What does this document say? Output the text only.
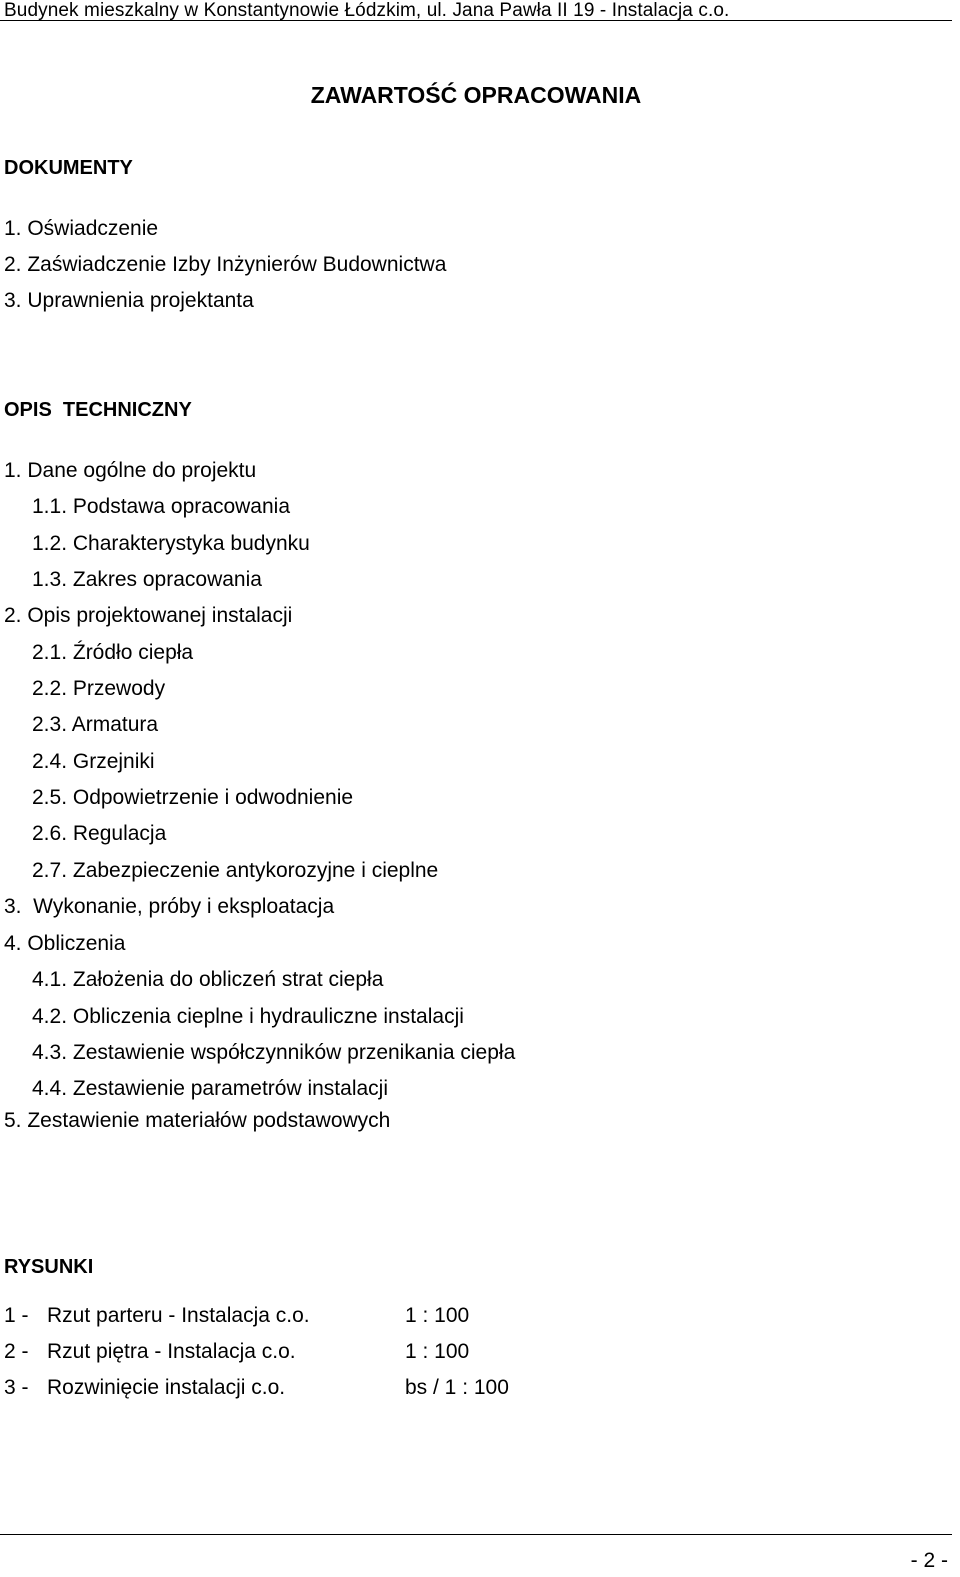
Budynek mieszkalny w Konstantynowie Łódzkim, ul. Jana Pawła II 19 - Instalacja c.o.
ZAWARTOŚĆ OPRACOWANIA
DOKUMENTY
1. Oświadczenie
2. Zaświadczenie Izby Inżynierów Budownictwa
3. Uprawnienia projektanta
OPIS  TECHNICZNY
1. Dane ogólne do projektu
1.1. Podstawa opracowania
1.2. Charakterystyka budynku
1.3. Zakres opracowania
2. Opis projektowanej instalacji
2.1. Źródło ciepła
2.2. Przewody
2.3. Armatura
2.4. Grzejniki
2.5. Odpowietrzenie i odwodnienie
2.6. Regulacja
2.7. Zabezpieczenie antykorozyjne i cieplne
3.  Wykonanie, próby i eksploatacja
4. Obliczenia
4.1. Założenia do obliczeń strat ciepła
4.2. Obliczenia cieplne i hydrauliczne instalacji
4.3. Zestawienie współczynników przenikania ciepła
4.4. Zestawienie parametrów instalacji
5. Zestawienie materiałów podstawowych
RYSUNKI
1 - Rzut parteru - Instalacja c.o.	1 : 100
2 - Rzut piętra - Instalacja c.o.	1 : 100
3 - Rozwinięcie instalacji c.o.	bs / 1 : 100
- 2 -
